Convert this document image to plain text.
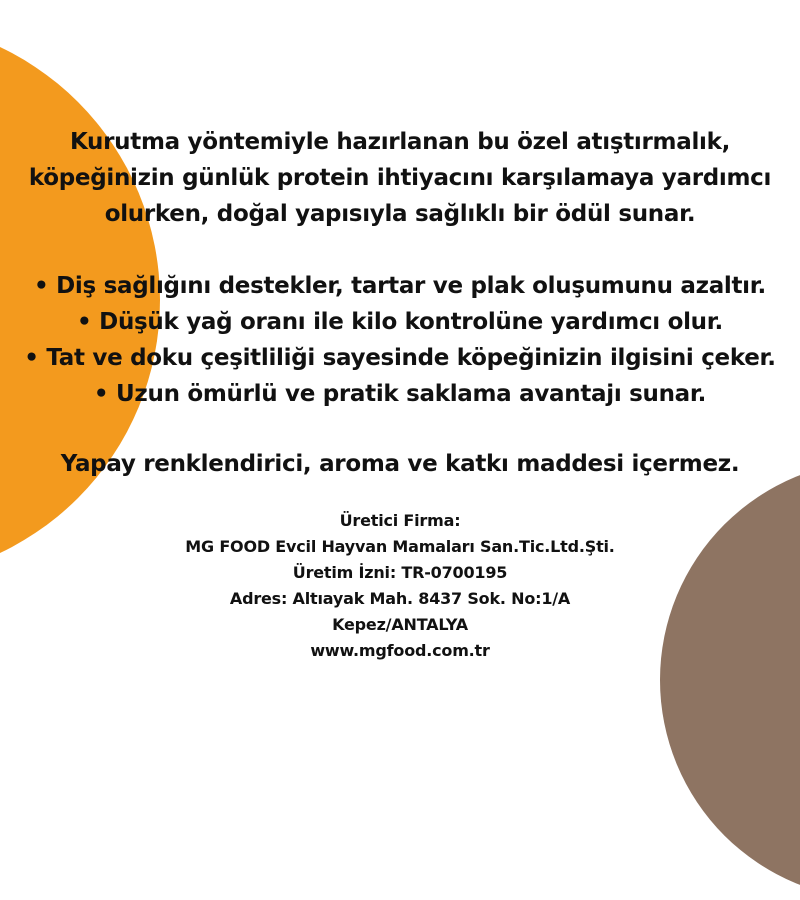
Kurutma yöntemiyle hazırlanan bu özel atıştırmalık,
köpeğinizin günlük protein ihtiyacını karşılamaya yardımcı
olurken, doğal yapısıyla sağlıklı bir ödül sunar.
• Diş sağlığını destekler, tartar ve plak oluşumunu azaltır.
• Düşük yağ oranı ile kilo kontrolüne yardımcı olur.
• Tat ve doku çeşitliliği sayesinde köpeğinizin ilgisini çeker.
• Uzun ömürlü ve pratik saklama avantajı sunar.
Yapay renklendirici, aroma ve katkı maddesi içermez.
Üretici Firma:
MG FOOD Evcil Hayvan Mamaları San.Tic.Ltd.Şti.
Üretim İzni: TR-0700195
Adres: Altıayak Mah. 8437 Sok. No:1/A
Kepez/ANTALYA
www.mgfood.com.tr
